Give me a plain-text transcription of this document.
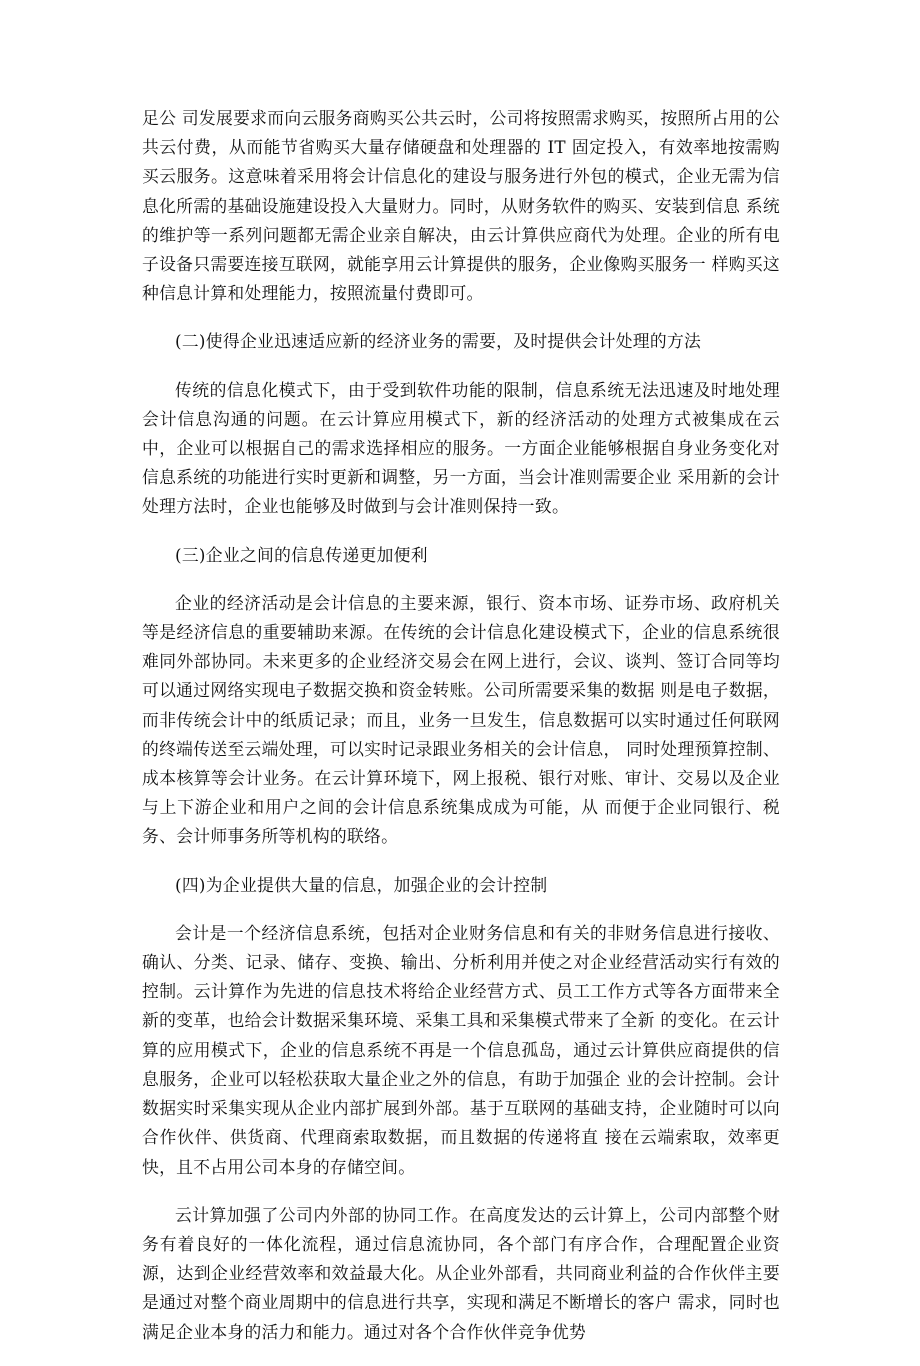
足公 司发展要求而向云服务商购买公共云时，公司将按照需求购买，按照所占用的公共云付费，从而能节省购买大量存储硬盘和处理器的 IT 固定投入，有效率地按需购 买云服务。这意味着采用将会计信息化的建设与服务进行外包的模式，企业无需为信息化所需的基础设施建设投入大量财力。同时，从财务软件的购买、安装到信息 系统的维护等一系列问题都无需企业亲自解决，由云计算供应商代为处理。企业的所有电子设备只需要连接互联网，就能享用云计算提供的服务，企业像购买服务一 样购买这种信息计算和处理能力，按照流量付费即可。

(二)使得企业迅速适应新的经济业务的需要，及时提供会计处理的方法

传统的信息化模式下，由于受到软件功能的限制，信息系统无法迅速及时地处理会计信息沟通的问题。在云计算应用模式下，新的经济活动的处理方式被集成在云中，企业可以根据自己的需求选择相应的服务。一方面企业能够根据自身业务变化对信息系统的功能进行实时更新和调整，另一方面，当会计准则需要企业 采用新的会计处理方法时，企业也能够及时做到与会计准则保持一致。

(三)企业之间的信息传递更加便利

企业的经济活动是会计信息的主要来源，银行、资本市场、证券市场、政府机关等是经济信息的重要辅助来源。在传统的会计信息化建设模式下，企业的信息系统很难同外部协同。未来更多的企业经济交易会在网上进行，会议、谈判、签订合同等均可以通过网络实现电子数据交换和资金转账。公司所需要采集的数据 则是电子数据，而非传统会计中的纸质记录；而且，业务一旦发生，信息数据可以实时通过任何联网的终端传送至云端处理，可以实时记录跟业务相关的会计信息， 同时处理预算控制、成本核算等会计业务。在云计算环境下，网上报税、银行对账、审计、交易以及企业与上下游企业和用户之间的会计信息系统集成成为可能，从 而便于企业同银行、税务、会计师事务所等机构的联络。

(四)为企业提供大量的信息，加强企业的会计控制

会计是一个经济信息系统，包括对企业财务信息和有关的非财务信息进行接收、确认、分类、记录、储存、变换、输出、分析利用并使之对企业经营活动实行有效的控制。云计算作为先进的信息技术将给企业经营方式、员工工作方式等各方面带来全新的变革，也给会计数据采集环境、采集工具和采集模式带来了全新 的变化。在云计算的应用模式下，企业的信息系统不再是一个信息孤岛，通过云计算供应商提供的信息服务，企业可以轻松获取大量企业之外的信息，有助于加强企 业的会计控制。会计数据实时采集实现从企业内部扩展到外部。基于互联网的基础支持，企业随时可以向合作伙伴、供货商、代理商索取数据，而且数据的传递将直 接在云端索取，效率更快，且不占用公司本身的存储空间。

云计算加强了公司内外部的协同工作。在高度发达的云计算上，公司内部整个财务有着良好的一体化流程，通过信息流协同，各个部门有序合作，合理配置企业资源，达到企业经营效率和效益最大化。从企业外部看，共同商业利益的合作伙伴主要是通过对整个商业周期中的信息进行共享，实现和满足不断增长的客户 需求，同时也满足企业本身的活力和能力。通过对各个合作伙伴竞争优势
